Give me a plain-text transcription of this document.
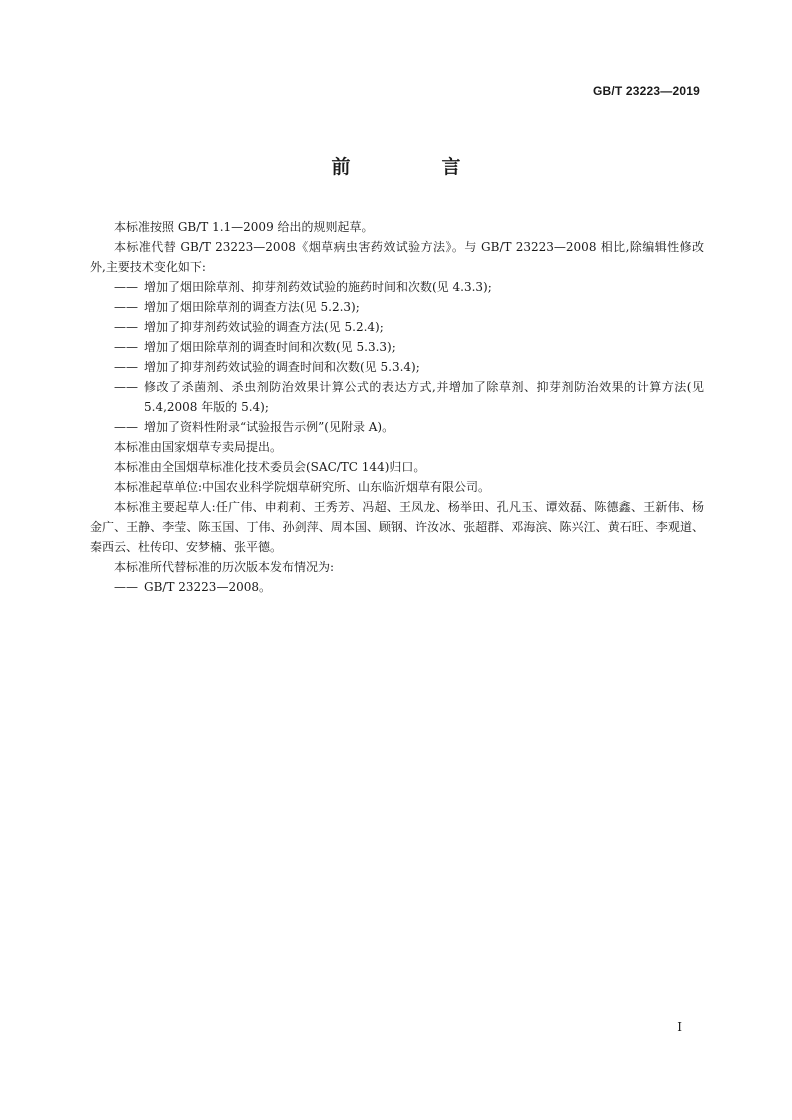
GB/T 23223—2019
前　言

本标准按照 GB/T 1.1—2009 给出的规则起草。

本标准代替 GB/T 23223—2008《烟草病虫害药效试验方法》。与 GB/T 23223—2008 相比,除编辑性修改外,主要技术变化如下:

—— 增加了烟田除草剂、抑芽剂药效试验的施药时间和次数(见 4.3.3);

—— 增加了烟田除草剂的调查方法(见 5.2.3);

—— 增加了抑芽剂药效试验的调查方法(见 5.2.4);

—— 增加了烟田除草剂的调查时间和次数(见 5.3.3);

—— 增加了抑芽剂药效试验的调查时间和次数(见 5.3.4);

—— 修改了杀菌剂、杀虫剂防治效果计算公式的表达方式,并增加了除草剂、抑芽剂防治效果的计算方法(见 5.4,2008 年版的 5.4);

—— 增加了资料性附录“试验报告示例”(见附录 A)。

本标准由国家烟草专卖局提出。

本标准由全国烟草标准化技术委员会(SAC/TC 144)归口。

本标准起草单位:中国农业科学院烟草研究所、山东临沂烟草有限公司。

本标准主要起草人:任广伟、申莉莉、王秀芳、冯超、王凤龙、杨举田、孔凡玉、谭效磊、陈德鑫、王新伟、杨金广、王静、李莹、陈玉国、丁伟、孙剑萍、周本国、顾钢、许汝冰、张超群、邓海滨、陈兴江、黄石旺、李观道、秦西云、杜传印、安梦楠、张平德。

本标准所代替标准的历次版本发布情况为:

—— GB/T 23223—2008。

I
